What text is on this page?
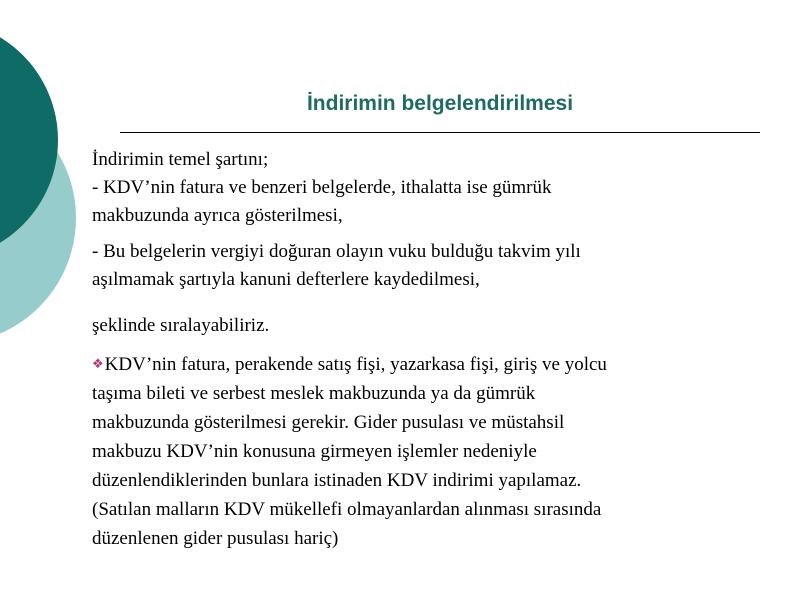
İndirimin belgelendirilmesi

İndirimin temel şartını;

- KDV’nin fatura ve benzeri belgelerde, ithalatta ise gümrük

makbuzunda ayrıca gösterilmesi,

- Bu belgelerin vergiyi doğuran olayın vuku bulduğu takvim yılı

aşılmamak şartıyla kanuni defterlere kaydedilmesi,

şeklinde sıralayabiliriz.

❖KDV’nin fatura, perakende satış fişi, yazarkasa fişi, giriş ve yolcu

taşıma bileti ve serbest meslek makbuzunda ya da gümrük

makbuzunda gösterilmesi gerekir. Gider pusulası ve müstahsil

makbuzu KDV’nin konusuna girmeyen işlemler nedeniyle

düzenlendiklerinden bunlara istinaden KDV indirimi yapılamaz.

(Satılan malların KDV mükellefi olmayanlardan alınması sırasında

düzenlenen gider pusulası hariç)
